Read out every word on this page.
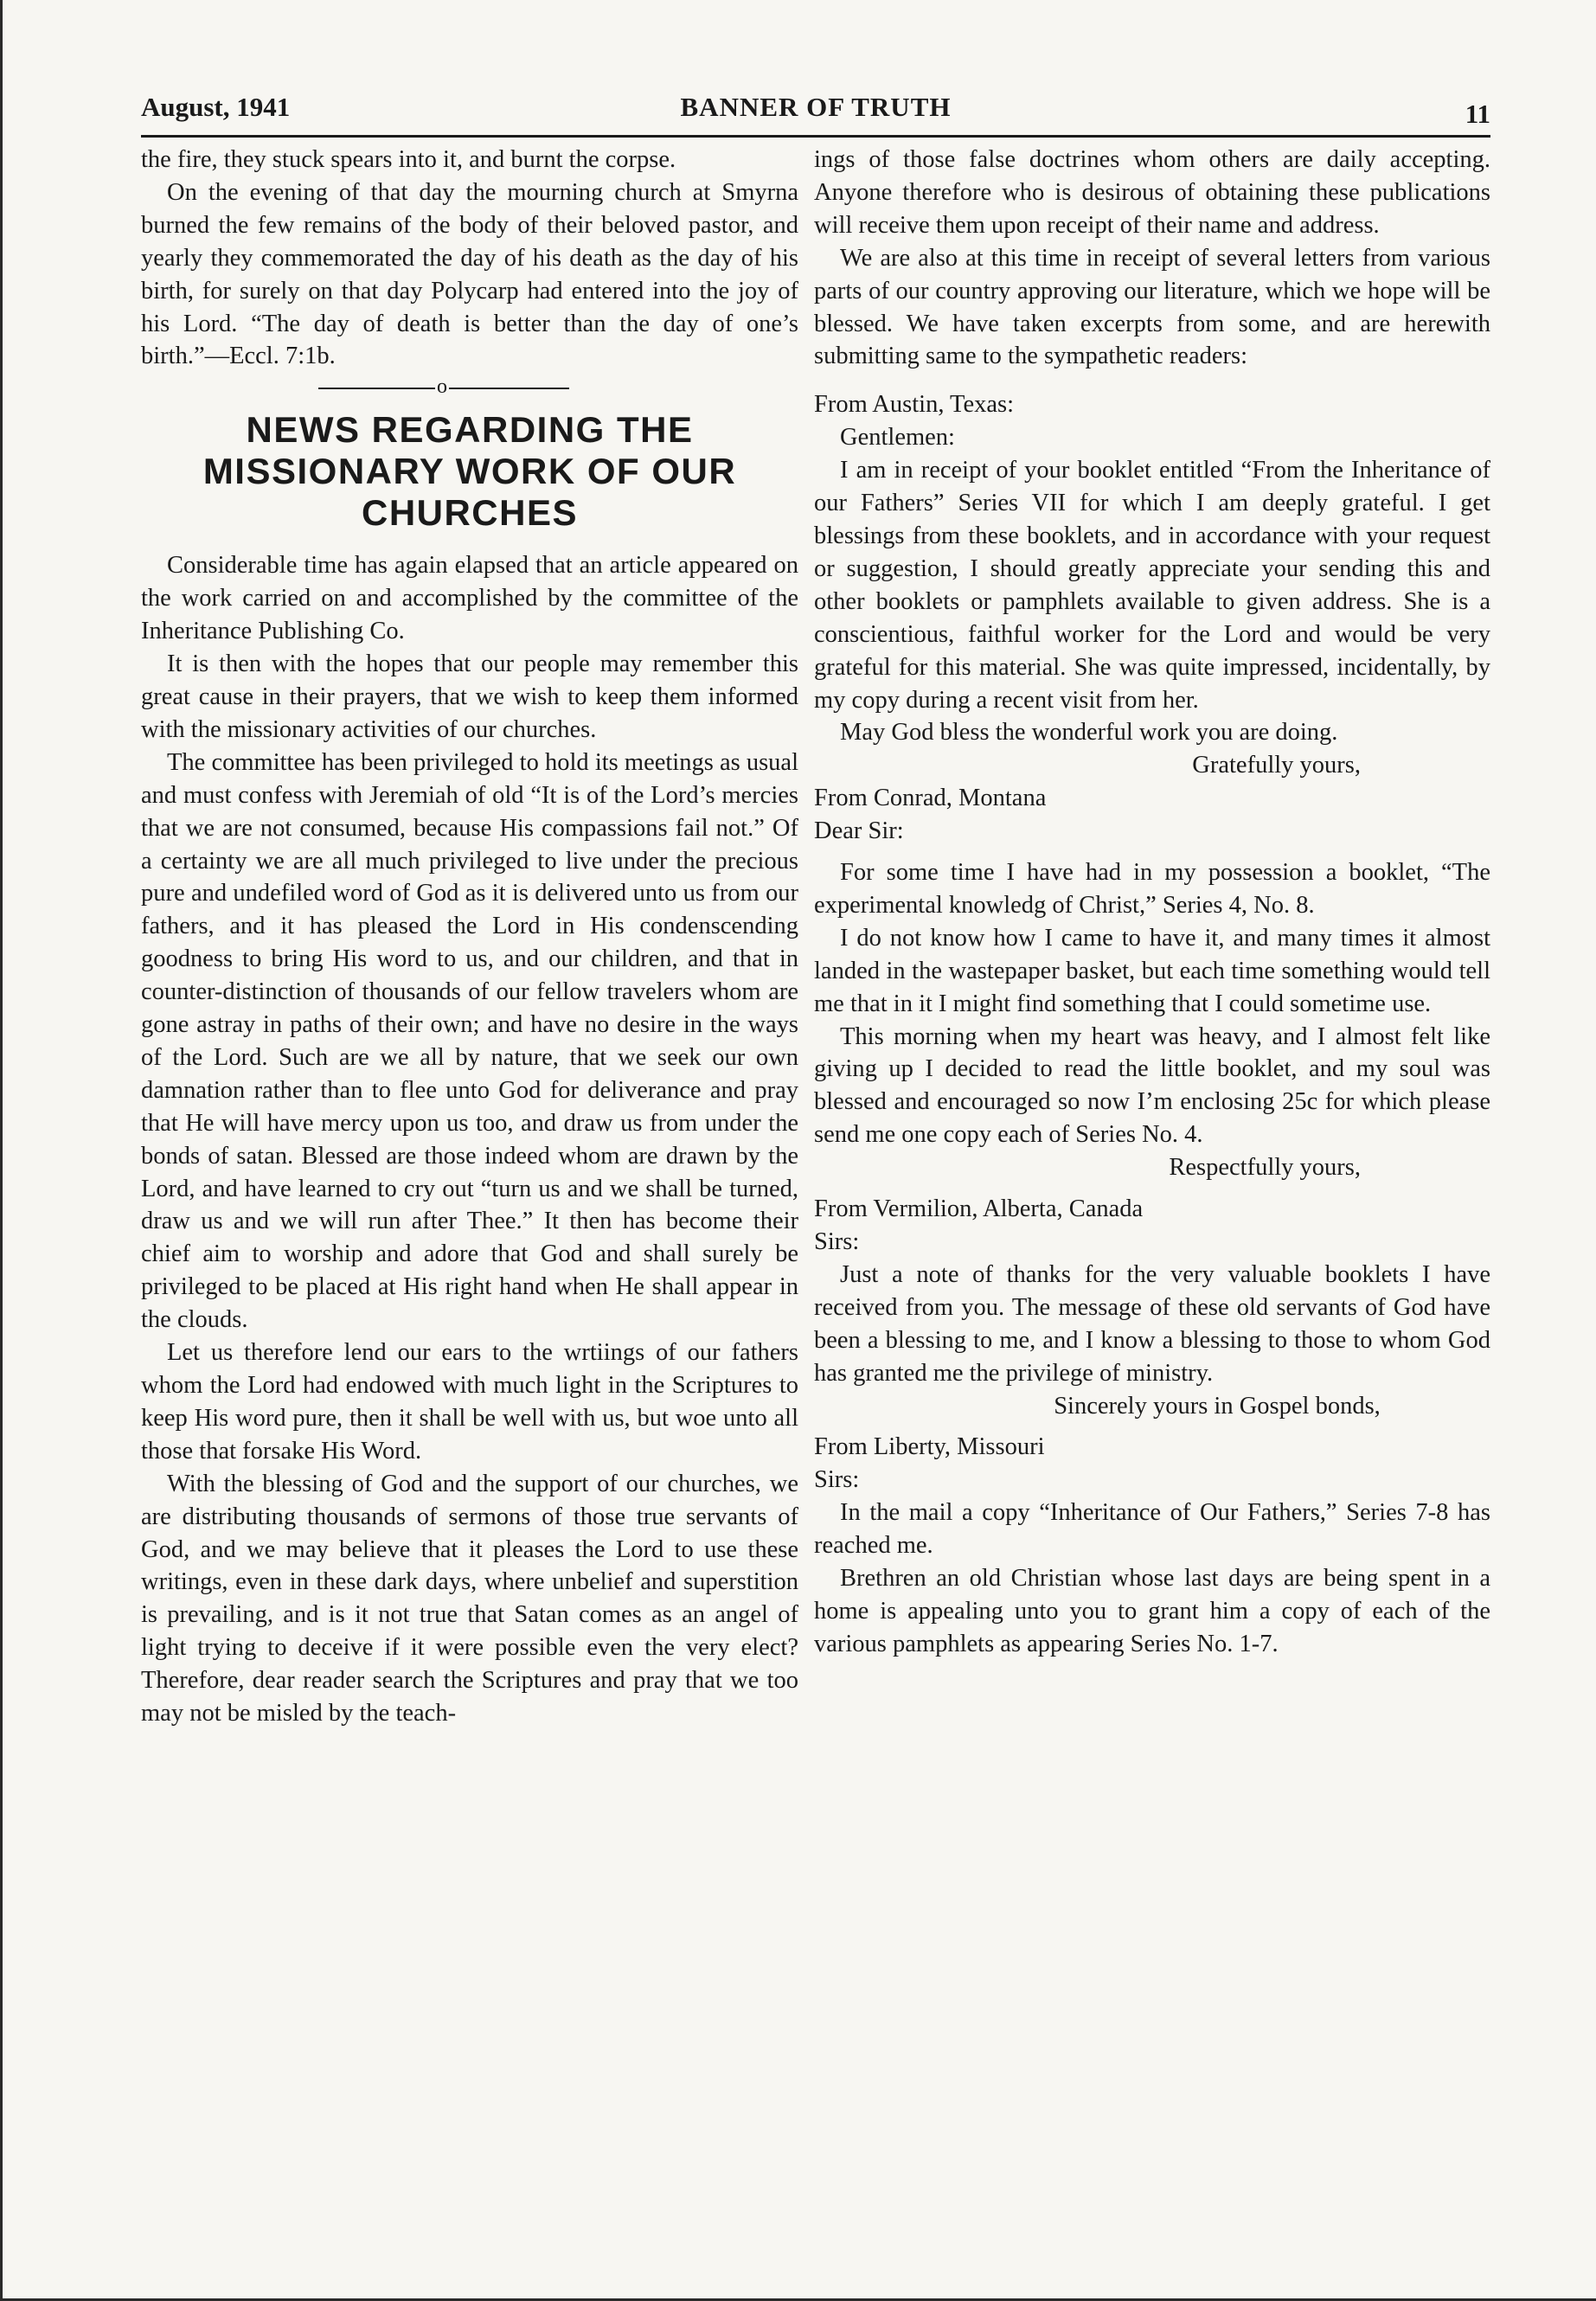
August, 1941	BANNER OF TRUTH	11

the fire, they stuck spears into it, and burnt the corpse.

On the evening of that day the mourning church at Smyrna burned the few remains of the body of their beloved pastor, and yearly they commemorated the day of his death as the day of his birth, for surely on that day Polycarp had entered into the joy of his Lord. “The day of death is better than the day of one’s birth.”—Eccl. 7:1b.

o
NEWS REGARDING THE MISSIONARY WORK OF OUR CHURCHES

Considerable time has again elapsed that an article appeared on the work carried on and accomplished by the committee of the Inheritance Publishing Co.

It is then with the hopes that our people may remember this great cause in their prayers, that we wish to keep them informed with the missionary activities of our churches.

The committee has been privileged to hold its meetings as usual and must confess with Jeremiah of old “It is of the Lord’s mercies that we are not consumed, because His compassions fail not.” Of a certainty we are all much privileged to live under the precious pure and undefiled word of God as it is delivered unto us from our fathers, and it has pleased the Lord in His condenscending goodness to bring His word to us, and our children, and that in counter-distinction of thousands of our fellow travelers whom are gone astray in paths of their own; and have no desire in the ways of the Lord. Such are we all by nature, that we seek our own damnation rather than to flee unto God for deliverance and pray that He will have mercy upon us too, and draw us from under the bonds of satan. Blessed are those indeed whom are drawn by the Lord, and have learned to cry out “turn us and we shall be turned, draw us and we will run after Thee.” It then has become their chief aim to worship and adore that God and shall surely be privileged to be placed at His right hand when He shall appear in the clouds.

Let us therefore lend our ears to the wrtiings of our fathers whom the Lord had endowed with much light in the Scriptures to keep His word pure, then it shall be well with us, but woe unto all those that forsake His Word.

With the blessing of God and the support of our churches, we are distributing thousands of sermons of those true servants of God, and we may believe that it pleases the Lord to use these writings, even in these dark days, where unbelief and superstition is prevailing, and is it not true that Satan comes as an angel of light trying to deceive if it were possible even the very elect? Therefore, dear reader search the Scriptures and pray that we too may not be misled by the teach-

ings of those false doctrines whom others are daily accepting. Anyone therefore who is desirous of obtaining these publications will receive them upon receipt of their name and address.

We are also at this time in receipt of several letters from various parts of our country approving our literature, which we hope will be blessed. We have taken excerpts from some, and are herewith submitting same to the sympathetic readers:

From Austin, Texas:

Gentlemen:

I am in receipt of your booklet entitled “From the Inheritance of our Fathers” Series VII for which I am deeply grateful. I get blessings from these booklets, and in accordance with your request or suggestion, I should greatly appreciate your sending this and other booklets or pamphlets available to given address. She is a conscientious, faithful worker for the Lord and would be very grateful for this material. She was quite impressed, incidentally, by my copy during a recent visit from her.

May God bless the wonderful work you are doing.

Gratefully yours,

From Conrad, Montana

Dear Sir:

For some time I have had in my possession a booklet, “The experimental knowledg of Christ,” Series 4, No. 8.

I do not know how I came to have it, and many times it almost landed in the wastepaper basket, but each time something would tell me that in it I might find something that I could sometime use.

This morning when my heart was heavy, and I almost felt like giving up I decided to read the little booklet, and my soul was blessed and encouraged so now I’m enclosing 25c for which please send me one copy each of Series No. 4.

Respectfully yours,

From Vermilion, Alberta, Canada

Sirs:

Just a note of thanks for the very valuable booklets I have received from you. The message of these old servants of God have been a blessing to me, and I know a blessing to those to whom God has granted me the privilege of ministry.

Sincerely yours in Gospel bonds,

From Liberty, Missouri

Sirs:

In the mail a copy “Inheritance of Our Fathers,” Series 7-8 has reached me.

Brethren an old Christian whose last days are being spent in a home is appealing unto you to grant him a copy of each of the various pamphlets as appearing Series No. 1-7.
